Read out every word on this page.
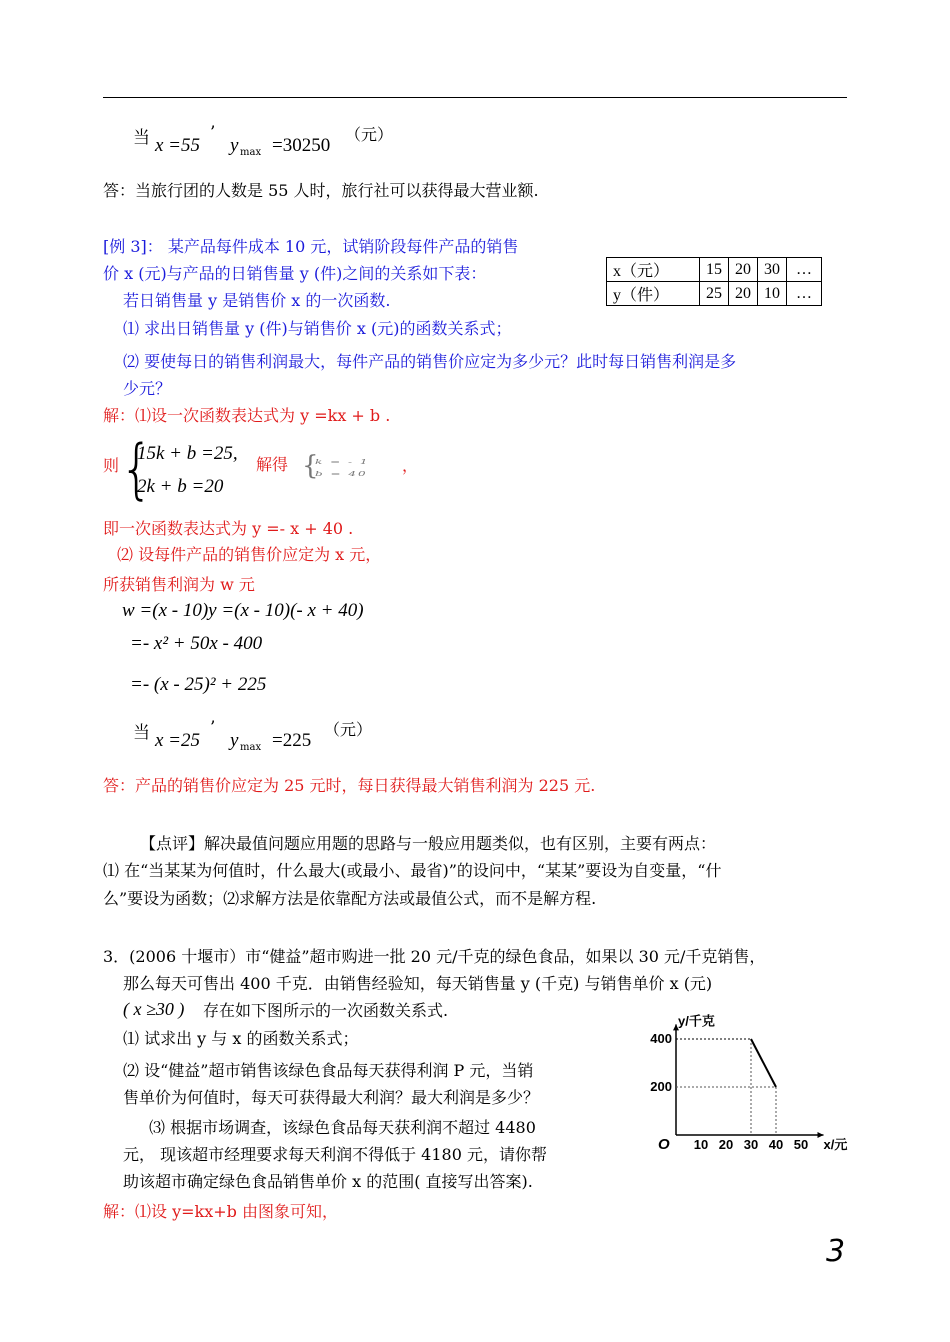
当 x =55
’
y max =30250
（元）
答：当旅行团的人数是 55 人时，旅行社可以获得最大营业额.
[例 3]： 某产品每件成本 10 元，试销阶段每件产品的销售
价 x (元)与产品的日销售量 y (件)之间的关系如下表：
若日销售量 y 是销售价 x 的一次函数.
⑴ 求出日销售量 y (件)与销售价 x (元)的函数关系式；
⑵ 要使每日的销售利润最大，每件产品的销售价应定为多少元？此时每日销售利润是多
少元？
x（元）	15	20	30	…
y（件）	25	20	10	…
解：⑴设一次函数表达式为 y =kx + b .
则 {
15k + b =25,
2k + b =20
解得 {
k = - 1
b = 40 ，
即一次函数表达式为 y =- x + 40 .
⑵ 设每件产品的销售价应定为 x 元，
所获销售利润为 w 元
w =(x - 10)y =(x - 10)(- x + 40)
=- x² + 50x - 400
=- (x - 25)² + 225
当 x =25
’
y max =225
（元）
答：产品的销售价应定为 25 元时，每日获得最大销售利润为 225 元.
【点评】解决最值问题应用题的思路与一般应用题类似，也有区别，主要有两点：
⑴ 在“当某某为何值时，什么最大(或最小、最省)”的设问中，“某某”要设为自变量，“什
么”要设为函数；⑵求解方法是依靠配方法或最值公式，而不是解方程.
3．(2006 十堰市）市“健益”超市购进一批 20 元/千克的绿色食品，如果以 30 元/千克销售，
那么每天可售出 400 千克．由销售经验知，每天销售量 y (千克) 与销售单价 x (元)
( x ≥30 ) 存在如下图所示的一次函数关系式.
⑴ 试求出 y 与 x 的函数关系式；
⑵ 设“健益”超市销售该绿色食品每天获得利润 P 元，当销
售单价为何值时，每天可获得最大利润？最大利润是多少？
⑶ 根据市场调查，该绿色食品每天获利润不超过 4480
元， 现该超市经理要求每天利润不得低于 4180 元，请你帮
助该超市确定绿色食品销售单价 x 的范围( 直接写出答案).
解：⑴设 y=kx+b 由图象可知，
y/千克
x/元
O 10 20 30 40 50
200
400
3
